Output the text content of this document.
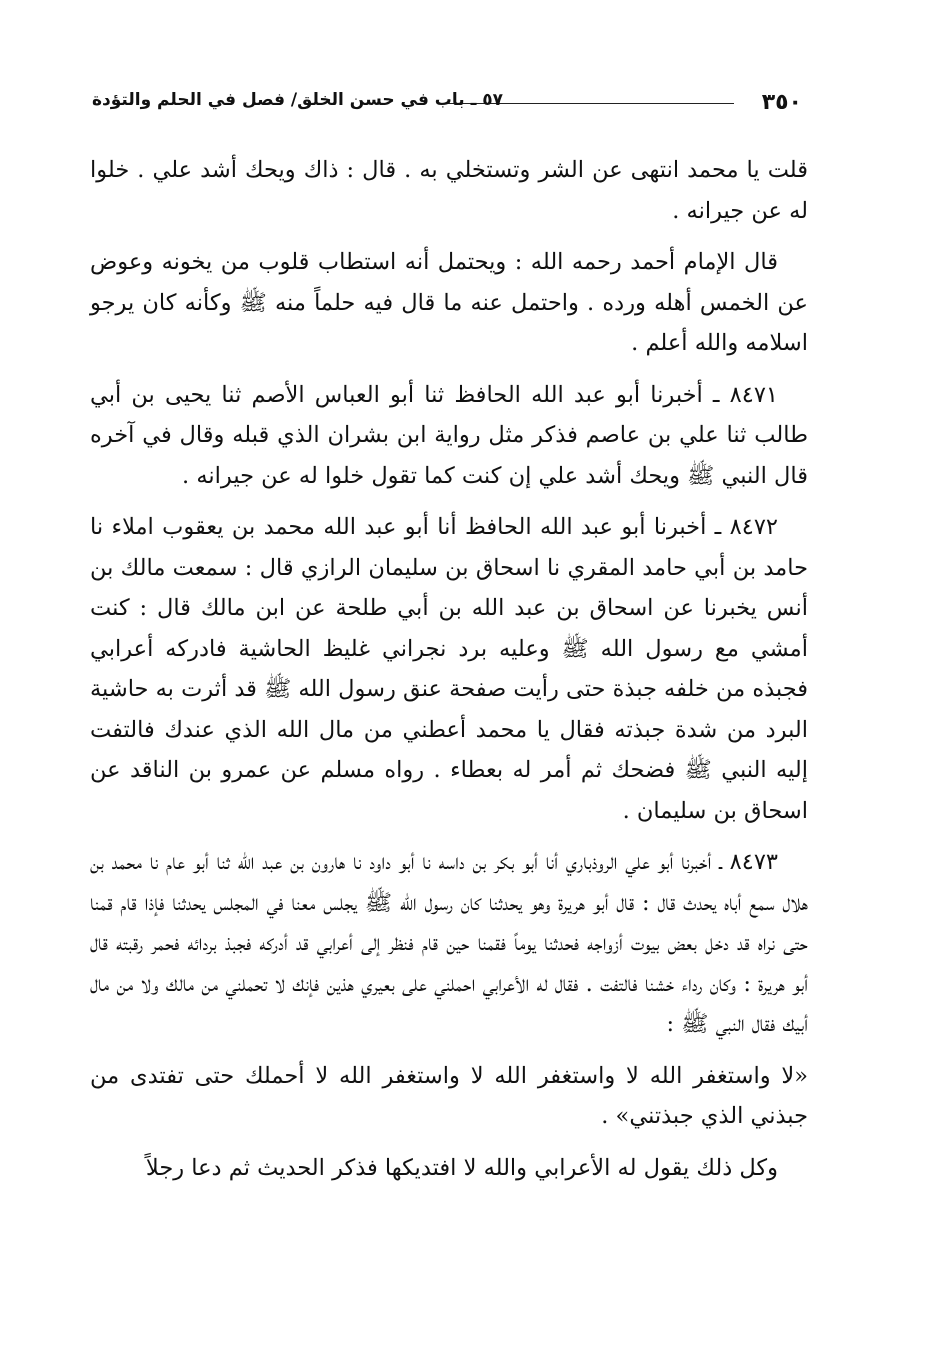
٣٥٠
٥٧ ـ باب في حسن الخلق/ فصل في الحلم والتؤدة

قلت يا محمد انتهى عن الشر وتستخلي به . قال : ذاك ويحك أشد علي . خلوا له عن جيرانه .

قال الإمام أحمد رحمه الله : ويحتمل أنه استطاب قلوب من يخونه وعوض عن الخمس أهله ورده . واحتمل عنه ما قال فيه حلماً منه ﷺ وكأنه كان يرجو اسلامه والله أعلم .

٨٤٧١ ـ أخبرنا أبو عبد الله الحافظ ثنا أبو العباس الأصم ثنا يحيى بن أبي طالب ثنا علي بن عاصم فذكر مثل رواية ابن بشران الذي قبله وقال في آخره قال النبي ﷺ ويحك أشد علي إن كنت كما تقول خلوا له عن جيرانه .

٨٤٧٢ ـ أخبرنا أبو عبد الله الحافظ أنا أبو عبد الله محمد بن يعقوب املاء نا حامد بن أبي حامد المقري نا اسحاق بن سليمان الرازي قال : سمعت مالك بن أنس يخبرنا عن اسحاق بن عبد الله بن أبي طلحة عن ابن مالك قال : كنت أمشي مع رسول الله ﷺ وعليه برد نجراني غليظ الحاشية فادركه أعرابي فجبذه من خلفه جبذة حتى رأيت صفحة عنق رسول الله ﷺ قد أثرت به حاشية البرد من شدة جبذته فقال يا محمد أعطني من مال الله الذي عندك فالتفت إليه النبي ﷺ فضحك ثم أمر له بعطاء . رواه مسلم عن عمرو بن الناقد عن اسحاق بن سليمان .

٨٤٧٣ ـ أخبرنا أبو علي الروذباري أنا أبو بكر بن داسه نا أبو داود نا هارون بن عبد الله ثنا أبو عام نا محمد بن هلال سمع أباه يحدث قال : قال أبو هريرة وهو يحدثنا كان رسول الله ﷺ يجلس معنا في المجلس يحدثنا فإذا قام قمنا حتى نراه قد دخل بعض بيوت أزواجه فحدثنا يوماً فقمنا حين قام فنظر إلى أعرابي قد أدركه فجبذ بردائه فحمر رقبته قال أبو هريرة : وكان رداء خشنا فالتفت . فقال له الأعرابي احملني على بعيري هذين فإنك لا تحملني من مالك ولا من مال أبيك فقال النبي ﷺ :

«لا واستغفر الله لا واستغفر الله لا واستغفر الله لا أحملك حتى تفتدى من جبذني الذي جبذتني» .

وكل ذلك يقول له الأعرابي والله لا افتديكها فذكر الحديث ثم دعا رجلاً
